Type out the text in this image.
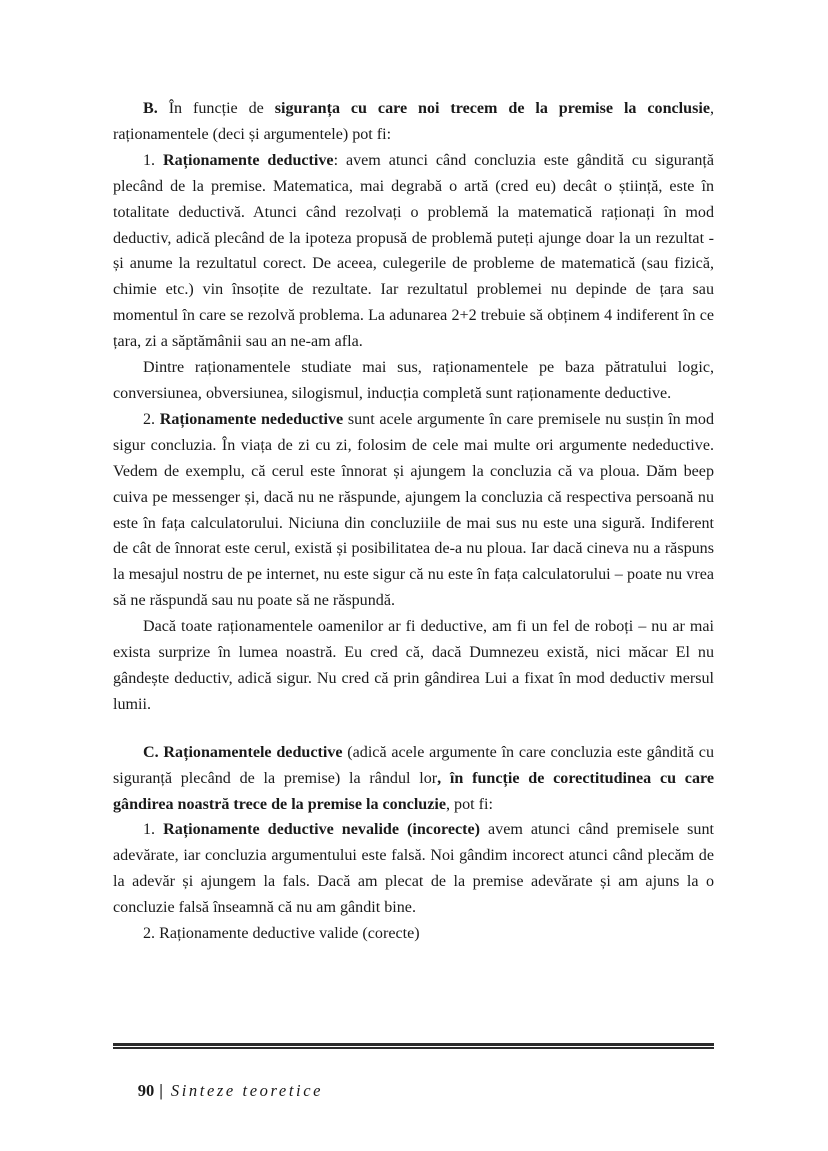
B. În funcție de siguranța cu care noi trecem de la premise la conclusie, raționamentele (deci și argumentele) pot fi:

1. Raționamente deductive: avem atunci când concluzia este gândită cu siguranță plecând de la premise. Matematica, mai degrabă o artă (cred eu) decât o știință, este în totalitate deductivă. Atunci când rezolvați o problemă la matematică raționați în mod deductiv, adică plecând de la ipoteza propusă de problemă puteți ajunge doar la un rezultat - și anume la rezultatul corect. De aceea, culegerile de probleme de matematică (sau fizică, chimie etc.) vin însoțite de rezultate. Iar rezultatul problemei nu depinde de țara sau momentul în care se rezolvă problema. La adunarea 2+2 trebuie să obținem 4 indiferent în ce țara, zi a săptămânii sau an ne-am afla.

Dintre raționamentele studiate mai sus, raționamentele pe baza pătratului logic, conversiunea, obversiunea, silogismul, inducția completă sunt raționamente deductive.

2. Raționamente nedeductive sunt acele argumente în care premisele nu susțin în mod sigur concluzia. În viața de zi cu zi, folosim de cele mai multe ori argumente nedeductive. Vedem de exemplu, că cerul este înnorat și ajungem la concluzia că va ploua. Dăm beep cuiva pe messenger și, dacă nu ne răspunde, ajungem la concluzia că respectiva persoană nu este în fața calculatorului. Niciuna din concluziile de mai sus nu este una sigură. Indiferent de cât de înnorat este cerul, există și posibilitatea de-a nu ploua. Iar dacă cineva nu a răspuns la mesajul nostru de pe internet, nu este sigur că nu este în fața calculatorului – poate nu vrea să ne răspundă sau nu poate să ne răspundă.

Dacă toate raționamentele oamenilor ar fi deductive, am fi un fel de roboți – nu ar mai exista surprize în lumea noastră. Eu cred că, dacă Dumnezeu există, nici măcar El nu gândește deductiv, adică sigur. Nu cred că prin gândirea Lui a fixat în mod deductiv mersul lumii.

C. Raționamentele deductive (adică acele argumente în care concluzia este gândită cu siguranță plecând de la premise) la rândul lor, în funcție de corectitudinea cu care gândirea noastră trece de la premise la concluzie, pot fi:

1. Raționamente deductive nevalide (incorecte) avem atunci când premisele sunt adevărate, iar concluzia argumentului este falsă. Noi gândim incorect atunci când plecăm de la adevăr și ajungem la fals. Dacă am plecat de la premise adevărate și am ajuns la o concluzie falsă înseamnă că nu am gândit bine.

2. Raționamente deductive valide (corecte)

90 | Sinteze teoretice
